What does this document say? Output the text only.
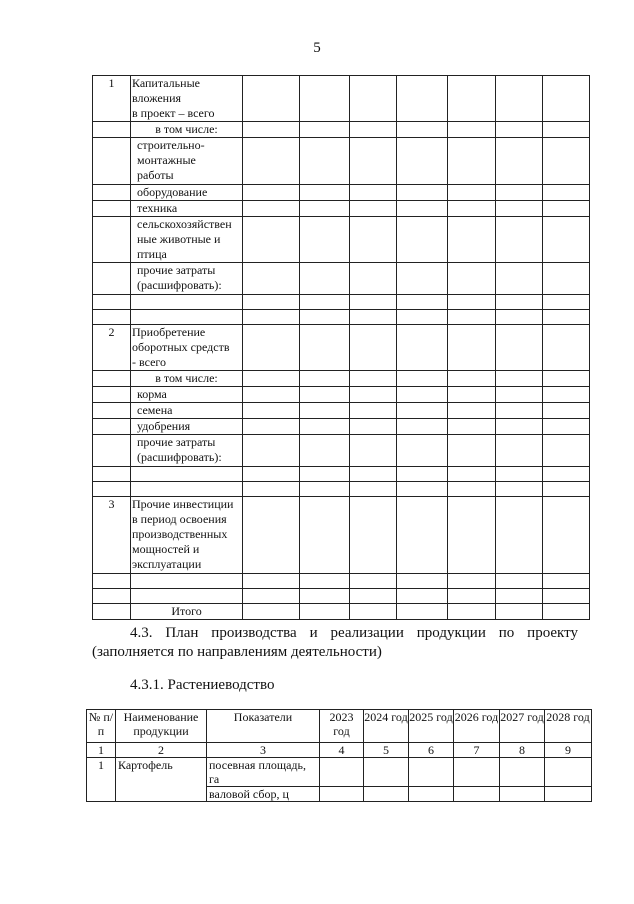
5
1	Капитальные
вложения
в проект – всего							

	в том числе:							

	строительно-
монтажные
работы							

	оборудование							

	техника							

	сельскохозяйствен
ные животные и
птица							

	прочие затраты
(расшифровать):							

2	Приобретение
оборотных средств
- всего							

	в том числе:							

	корма							

	семена							

	удобрения							

	прочие затраты
(расшифровать):							

3	Прочие инвестиции
в период освоения
производственных
мощностей и
эксплуатации							

	Итого							

4.3. План производства и реализации продукции по проекту (заполняется по направлениям деятельности)
4.3.1. Растениеводство
№ п/п	Наименование продукции	Показатели	2023 год	2024 год	2025 год	2026 год	2027 год	2028 год
1	2	3	4	5	6	7	8	9
1	Картофель	посевная площадь, га						
		валовой сбор, ц						
